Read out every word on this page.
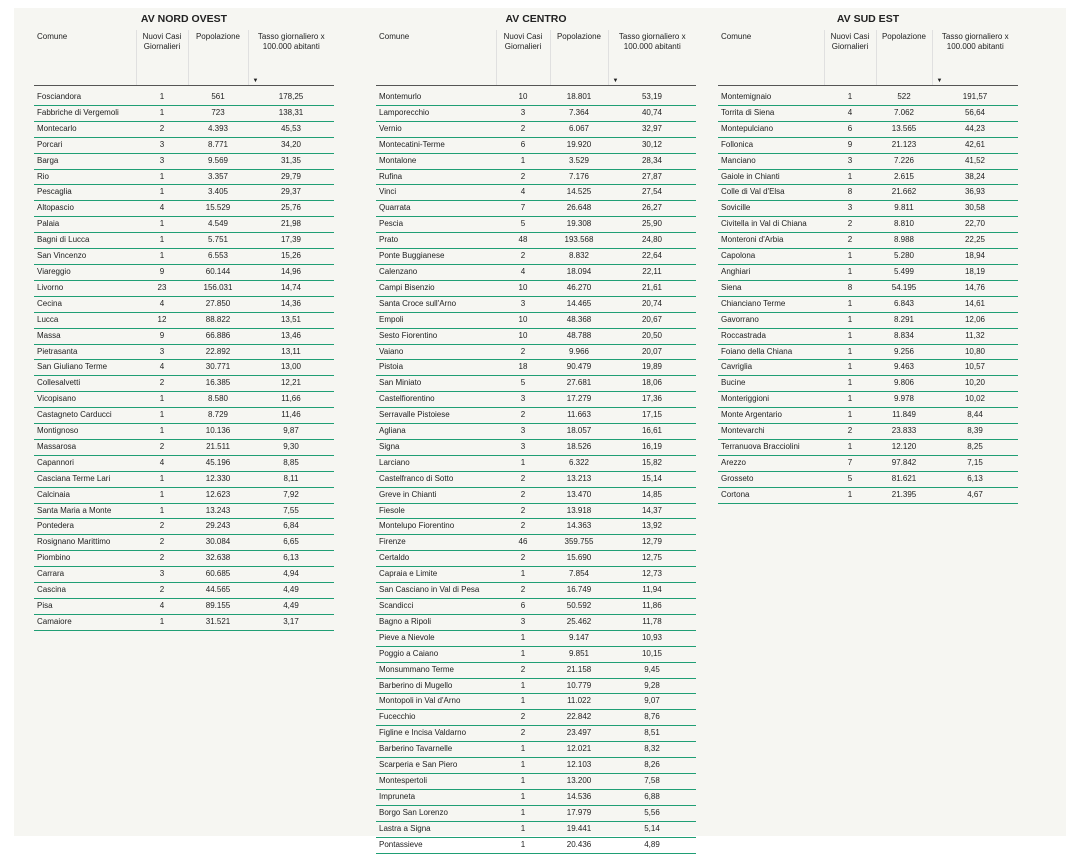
AV NORD OVEST
Comune	Nuovi Casi Giornalieri	Popolazione	Tasso giornaliero x 100.000 abitanti
▼

Fosciandora	1	561	178,25
Fabbriche di Vergemoli	1	723	138,31
Montecarlo	2	4.393	45,53
Porcari	3	8.771	34,20
Barga	3	9.569	31,35
Rio	1	3.357	29,79
Pescaglia	1	3.405	29,37
Altopascio	4	15.529	25,76
Palaia	1	4.549	21,98
Bagni di Lucca	1	5.751	17,39
San Vincenzo	1	6.553	15,26
Viareggio	9	60.144	14,96
Livorno	23	156.031	14,74
Cecina	4	27.850	14,36
Lucca	12	88.822	13,51
Massa	9	66.886	13,46
Pietrasanta	3	22.892	13,11
San Giuliano Terme	4	30.771	13,00
Collesalvetti	2	16.385	12,21
Vicopisano	1	8.580	11,66
Castagneto Carducci	1	8.729	11,46
Montignoso	1	10.136	9,87
Massarosa	2	21.511	9,30
Capannori	4	45.196	8,85
Casciana Terme Lari	1	12.330	8,11
Calcinaia	1	12.623	7,92
Santa Maria a Monte	1	13.243	7,55
Pontedera	2	29.243	6,84
Rosignano Marittimo	2	30.084	6,65
Piombino	2	32.638	6,13
Carrara	3	60.685	4,94
Cascina	2	44.565	4,49
Pisa	4	89.155	4,49
Camaiore	1	31.521	3,17
AV CENTRO
Comune	Nuovi Casi Giornalieri	Popolazione	Tasso giornaliero x 100.000 abitanti
▼

Montemurlo	10	18.801	53,19
Lamporecchio	3	7.364	40,74
Vernio	2	6.067	32,97
Montecatini-Terme	6	19.920	30,12
Montalone	1	3.529	28,34
Rufina	2	7.176	27,87
Vinci	4	14.525	27,54
Quarrata	7	26.648	26,27
Pescia	5	19.308	25,90
Prato	48	193.568	24,80
Ponte Buggianese	2	8.832	22,64
Calenzano	4	18.094	22,11
Campi Bisenzio	10	46.270	21,61
Santa Croce sull'Arno	3	14.465	20,74
Empoli	10	48.368	20,67
Sesto Fiorentino	10	48.788	20,50
Vaiano	2	9.966	20,07
Pistoia	18	90.479	19,89
San Miniato	5	27.681	18,06
Castelfiorentino	3	17.279	17,36
Serravalle Pistoiese	2	11.663	17,15
Agliana	3	18.057	16,61
Signa	3	18.526	16,19
Larciano	1	6.322	15,82
Castelfranco di Sotto	2	13.213	15,14
Greve in Chianti	2	13.470	14,85
Fiesole	2	13.918	14,37
Montelupo Fiorentino	2	14.363	13,92
Firenze	46	359.755	12,79
Certaldo	2	15.690	12,75
Capraia e Limite	1	7.854	12,73
San Casciano in Val di Pesa	2	16.749	11,94
Scandicci	6	50.592	11,86
Bagno a Ripoli	3	25.462	11,78
Pieve a Nievole	1	9.147	10,93
Poggio a Caiano	1	9.851	10,15
Monsummano Terme	2	21.158	9,45
Barberino di Mugello	1	10.779	9,28
Montopoli in Val d'Arno	1	11.022	9,07
Fucecchio	2	22.842	8,76
Figline e Incisa Valdarno	2	23.497	8,51
Barberino Tavarnelle	1	12.021	8,32
Scarperia e San Piero	1	12.103	8,26
Montespertoli	1	13.200	7,58
Impruneta	1	14.536	6,88
Borgo San Lorenzo	1	17.979	5,56
Lastra a Signa	1	19.441	5,14
Pontassieve	1	20.436	4,89
AV SUD EST
Comune	Nuovi Casi Giornalieri	Popolazione	Tasso giornaliero x 100.000 abitanti
▼

Montemignaio	1	522	191,57
Torrita di Siena	4	7.062	56,64
Montepulciano	6	13.565	44,23
Follonica	9	21.123	42,61
Manciano	3	7.226	41,52
Gaiole in Chianti	1	2.615	38,24
Colle di Val d'Elsa	8	21.662	36,93
Sovicille	3	9.811	30,58
Civitella in Val di Chiana	2	8.810	22,70
Monteroni d'Arbia	2	8.988	22,25
Capolona	1	5.280	18,94
Anghiari	1	5.499	18,19
Siena	8	54.195	14,76
Chianciano Terme	1	6.843	14,61
Gavorrano	1	8.291	12,06
Roccastrada	1	8.834	11,32
Foiano della Chiana	1	9.256	10,80
Cavriglia	1	9.463	10,57
Bucine	1	9.806	10,20
Monteriggioni	1	9.978	10,02
Monte Argentario	1	11.849	8,44
Montevarchi	2	23.833	8,39
Terranuova Bracciolini	1	12.120	8,25
Arezzo	7	97.842	7,15
Grosseto	5	81.621	6,13
Cortona	1	21.395	4,67
